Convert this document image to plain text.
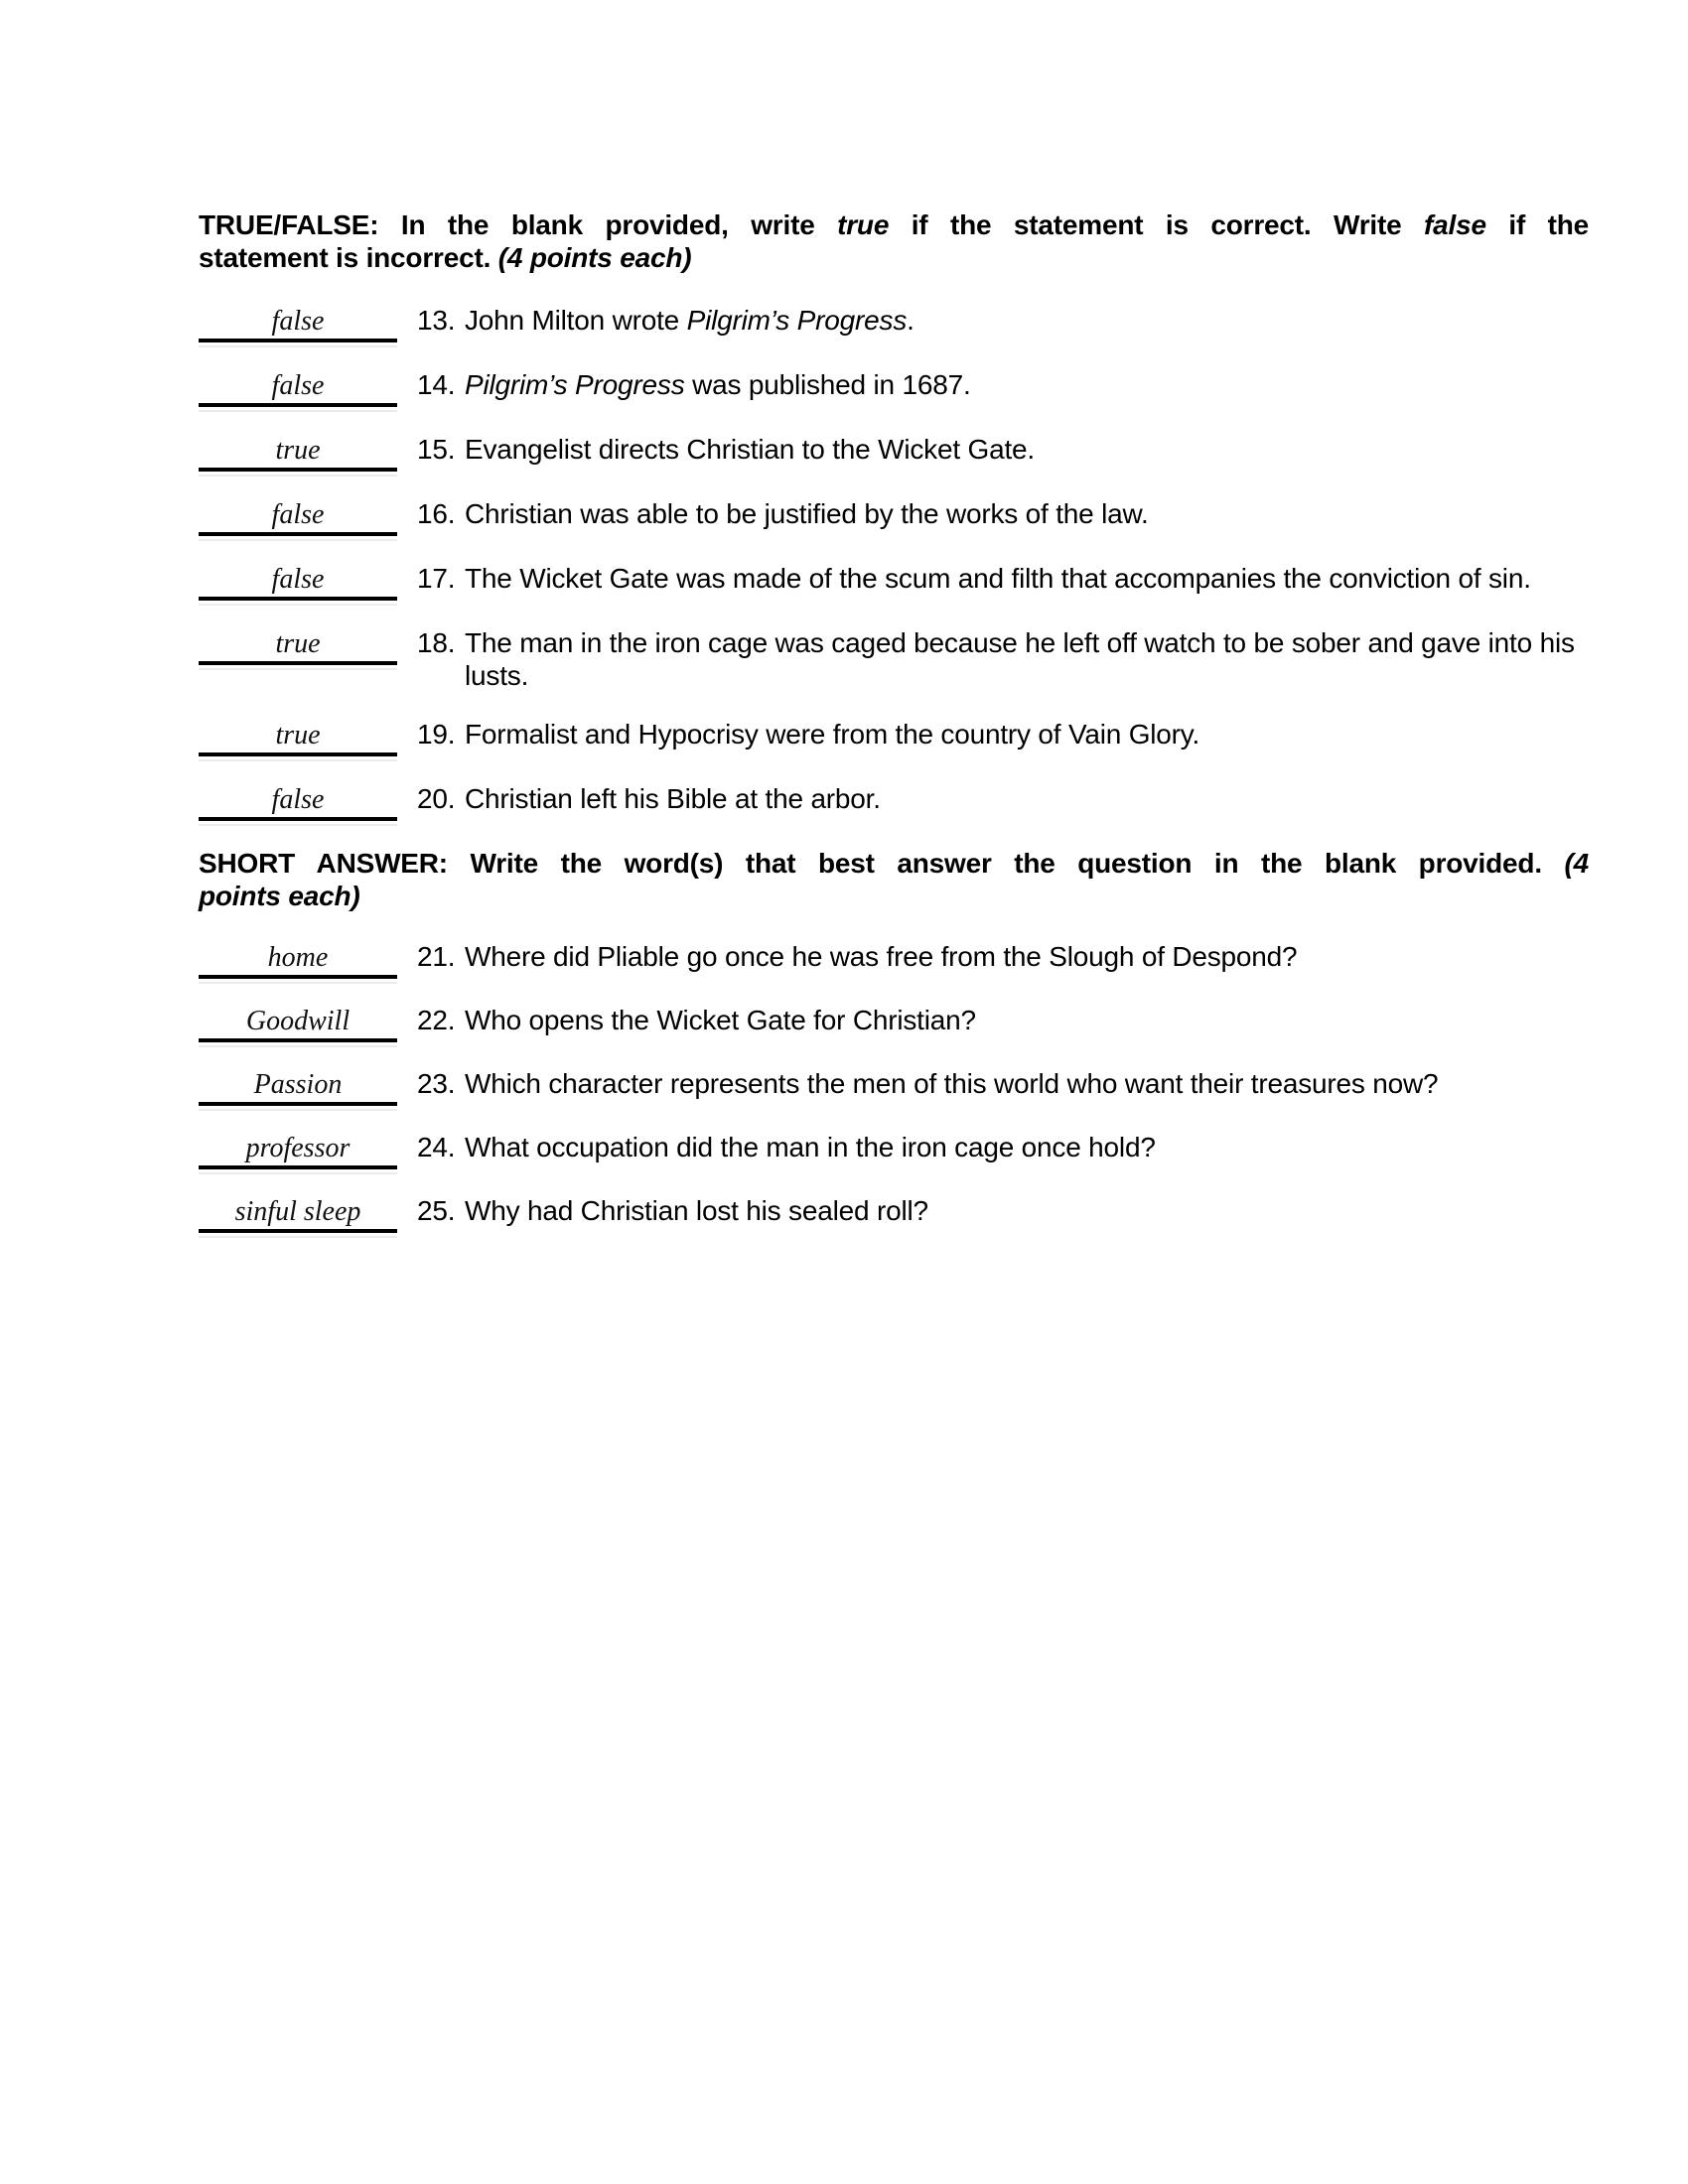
TRUE/FALSE: In the blank provided, write true if the statement is correct. Write false if the

statement is incorrect. (4 points each)

false	13. John Milton wrote Pilgrim’s Progress.
false	14. Pilgrim’s Progress was published in 1687.
true	15. Evangelist directs Christian to the Wicket Gate.
false	16. Christian was able to be justified by the works of the law.
false	17. The Wicket Gate was made of the scum and filth that accompanies the conviction of sin.
true	18. The man in the iron cage was caged because he left off watch to be sober and gave into his lusts.
true	19. Formalist and Hypocrisy were from the country of Vain Glory.
false	20. Christian left his Bible at the arbor.

SHORT ANSWER: Write the word(s) that best answer the question in the blank provided. (4

points each)

home	21. Where did Pliable go once he was free from the Slough of Despond?
Goodwill	22. Who opens the Wicket Gate for Christian?
Passion	23. Which character represents the men of this world who want their treasures now?
professor	24. What occupation did the man in the iron cage once hold?
sinful sleep	25. Why had Christian lost his sealed roll?
